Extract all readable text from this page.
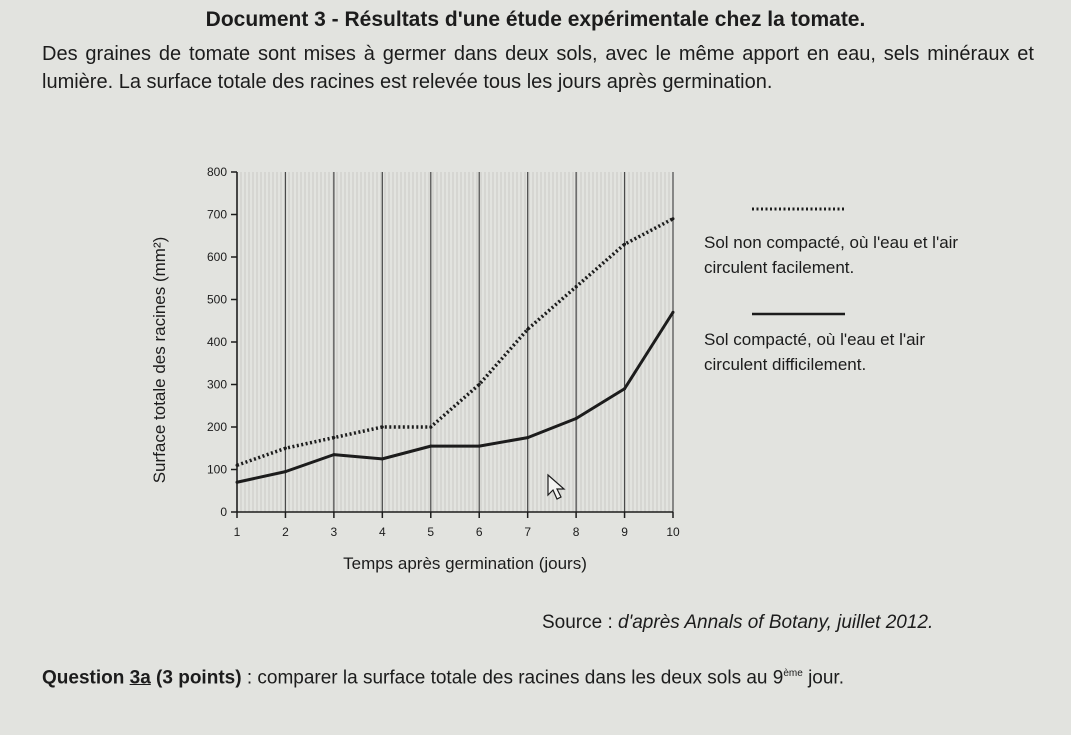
Document 3 - Résultats d'une étude expérimentale chez la tomate.
Des graines de tomate sont mises à germer dans deux sols, avec le même apport en eau, sels minéraux et lumière. La surface totale des racines est relevée tous les jours après germination.
0
100
200
300
400
500
600
700
800
1	2	3	4	5	6	7	8	9	10
Temps après germination (jours)
Surface totale des racines (mm²)	Sol non compacté, où l'eau et l'air circulent facilement.
Sol compacté, où l'eau et l'air circulent difficilement.
Source : d'après Annals of Botany, juillet 2012.
Question 3a (3 points) : comparer la surface totale des racines dans les deux sols au 9ème jour.
